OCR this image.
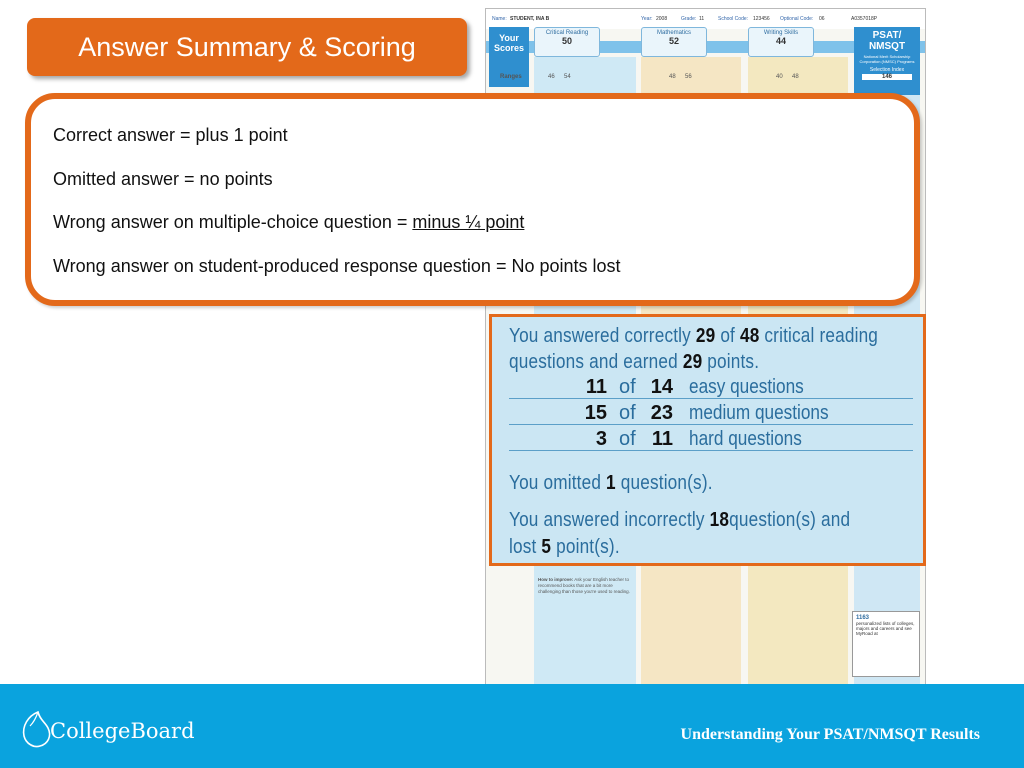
Answer Summary & Scoring
Name: STUDENT, INA B	Year: 2008	Grade: 11	School Code: 123456 Optional Code: 06	A0357018P
Your Scores
Critical Reading
50
Mathematics
52
Writing Skills
44	PSAT/
NMSQT
National Merit Scholarship Corporation (NMSC) Programs
Selection Index
146
Ranges	46 54	48 56	40 48
How to improve: Ask your English teacher to recommend books that are a bit more challenging than those you're used to reading.
1163
personalized lists of colleges, majors and careers and see MyRoad at
Correct answer = plus 1 point
Omitted answer = no points
Wrong answer on multiple-choice question = minus ¼ point
Wrong answer on student-produced response question = No points lost
You answered correctly 29 of 48 critical reading
questions and earned 29 points.
11 of 14 easy questions
15 of 23 medium questions
3 of 11 hard questions
You omitted 1 question(s).
You answered incorrectly 18question(s) and
lost 5 point(s).
CollegeBoard	Understanding Your PSAT/NMSQT Results
